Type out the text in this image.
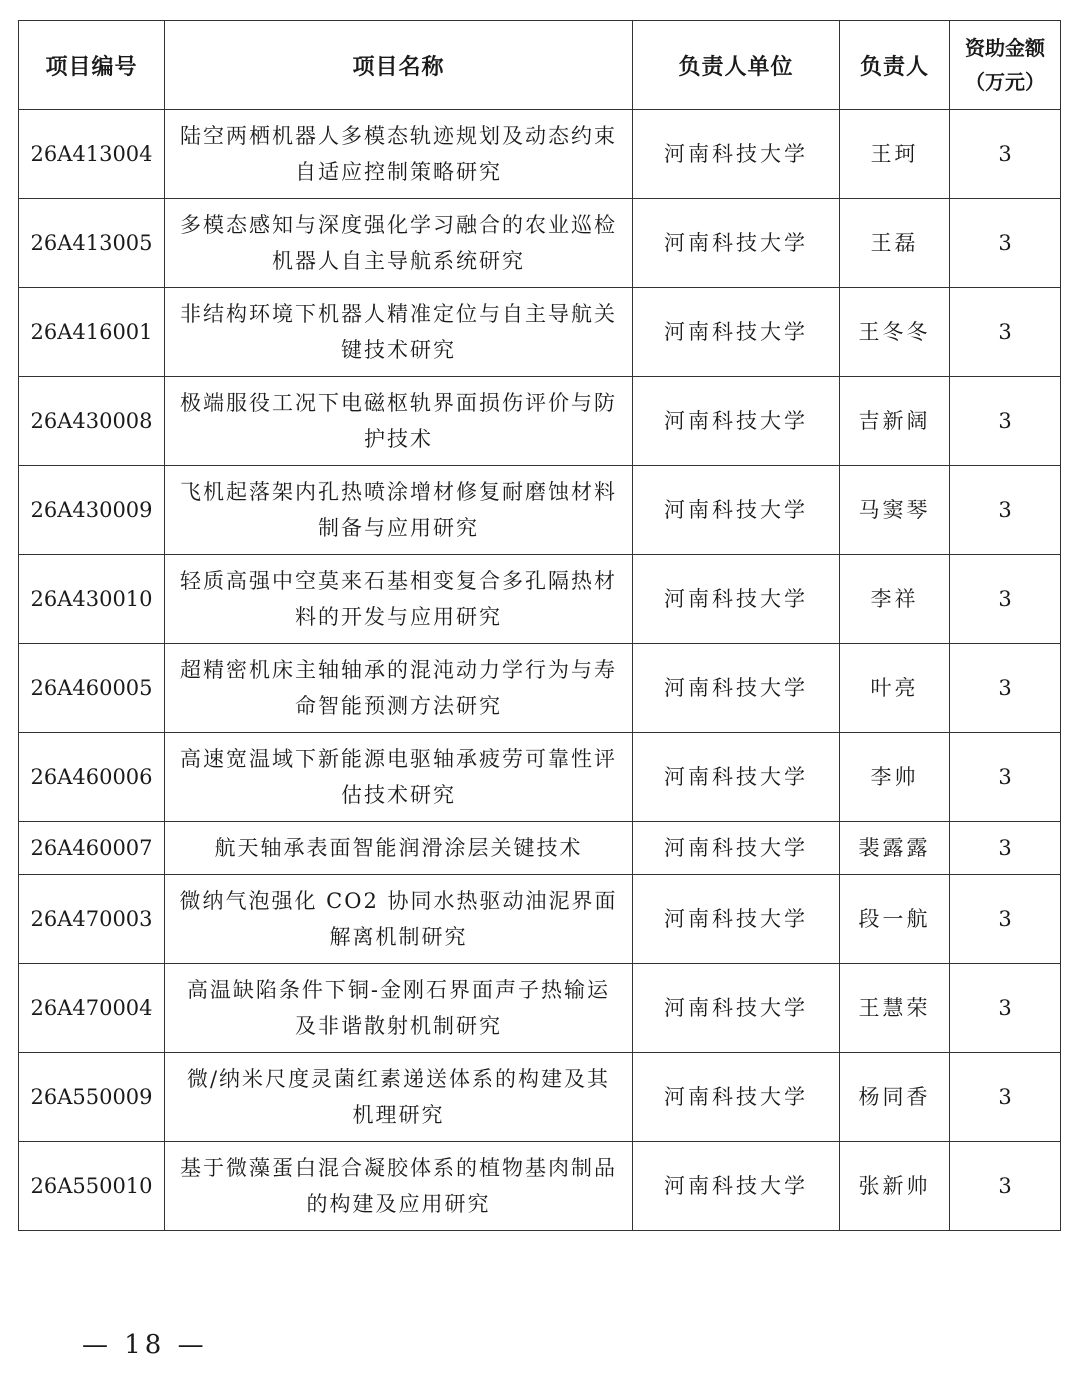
项目编号	项目名称	负责人单位	负责人	资助金额
（万元）
26A413004	陆空两栖机器人多模态轨迹规划及动态约束自适应控制策略研究	河南科技大学	王珂	3
26A413005	多模态感知与深度强化学习融合的农业巡检机器人自主导航系统研究	河南科技大学	王磊	3
26A416001	非结构环境下机器人精准定位与自主导航关键技术研究	河南科技大学	王冬冬	3
26A430008	极端服役工况下电磁枢轨界面损伤评价与防护技术	河南科技大学	吉新阔	3
26A430009	飞机起落架内孔热喷涂增材修复耐磨蚀材料制备与应用研究	河南科技大学	马窦琴	3
26A430010	轻质高强中空莫来石基相变复合多孔隔热材料的开发与应用研究	河南科技大学	李祥	3
26A460005	超精密机床主轴轴承的混沌动力学行为与寿命智能预测方法研究	河南科技大学	叶亮	3
26A460006	高速宽温域下新能源电驱轴承疲劳可靠性评估技术研究	河南科技大学	李帅	3
26A460007	航天轴承表面智能润滑涂层关键技术	河南科技大学	裴露露	3
26A470003	微纳气泡强化 CO2 协同水热驱动油泥界面解离机制研究	河南科技大学	段一航	3
26A470004	高温缺陷条件下铜-金刚石界面声子热输运及非谐散射机制研究	河南科技大学	王慧荣	3
26A550009	微/纳米尺度灵菌红素递送体系的构建及其机理研究	河南科技大学	杨同香	3
26A550010	基于微藻蛋白混合凝胶体系的植物基肉制品的构建及应用研究	河南科技大学	张新帅	3
— 18 —
